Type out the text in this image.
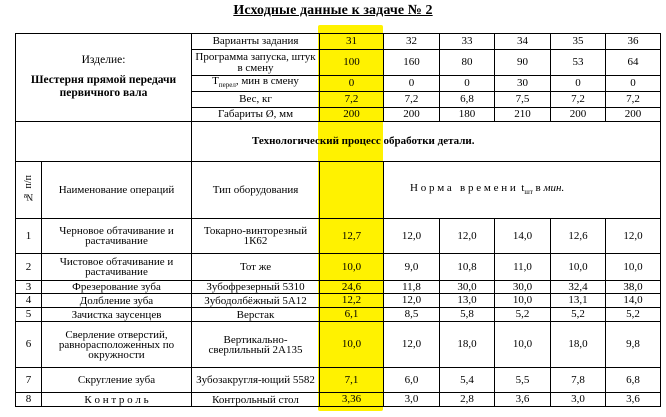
Исходные данные к задаче № 2
Изделие:
Шестерня прямой передачи первичного вала		Варианты задания	31	32	33	34	35	36
		Программа запуска, штук в смену	100	160	80	90	53	64
		$T_{перел}$, мин в смену	0	0	0	30	0	0
		Вес, кг	7,2	7,2	6,8	7,5	7,2	7,2
		Габариты Ø, мм	200	200	180	210	200	200
		Технологический процесс обработки детали.						
№ п/п	Наименование операций	Тип оборудования		Н о р м а   в р е м е н и  $t_{шт}$ в мин.				
1	Черновое обтачивание и растачивание	Токарно-винторезный 1К62	12,7	12,0	12,0	14,0	12,6	12,0
2	Чистовое обтачивание и растачивание	Тот же	10,0	9,0	10,8	11,0	10,0	10,0
3	Фрезерование зуба	Зубофрезерный 5310	24,6	11,8	30,0	30,0	32,4	38,0
4	Долбление зуба	Зубодолбёжный 5А12	12,2	12,0	13,0	10,0	13,1	14,0
5	Зачистка заусенцев	Верстак	6,1	8,5	5,8	5,2	5,2	5,2
6	Сверление отверстий, равнорасположенных по окружности	Вертикально-сверлильный 2А135	10,0	12,0	18,0	10,0	18,0	9,8
7	Скругление зуба	Зубозакругля-ющий 5582	7,1	6,0	5,4	5,5	7,8	6,8
8	К о н т р о л ь	Контрольный стол	3,36	3,0	2,8	3,6	3,0	3,6
